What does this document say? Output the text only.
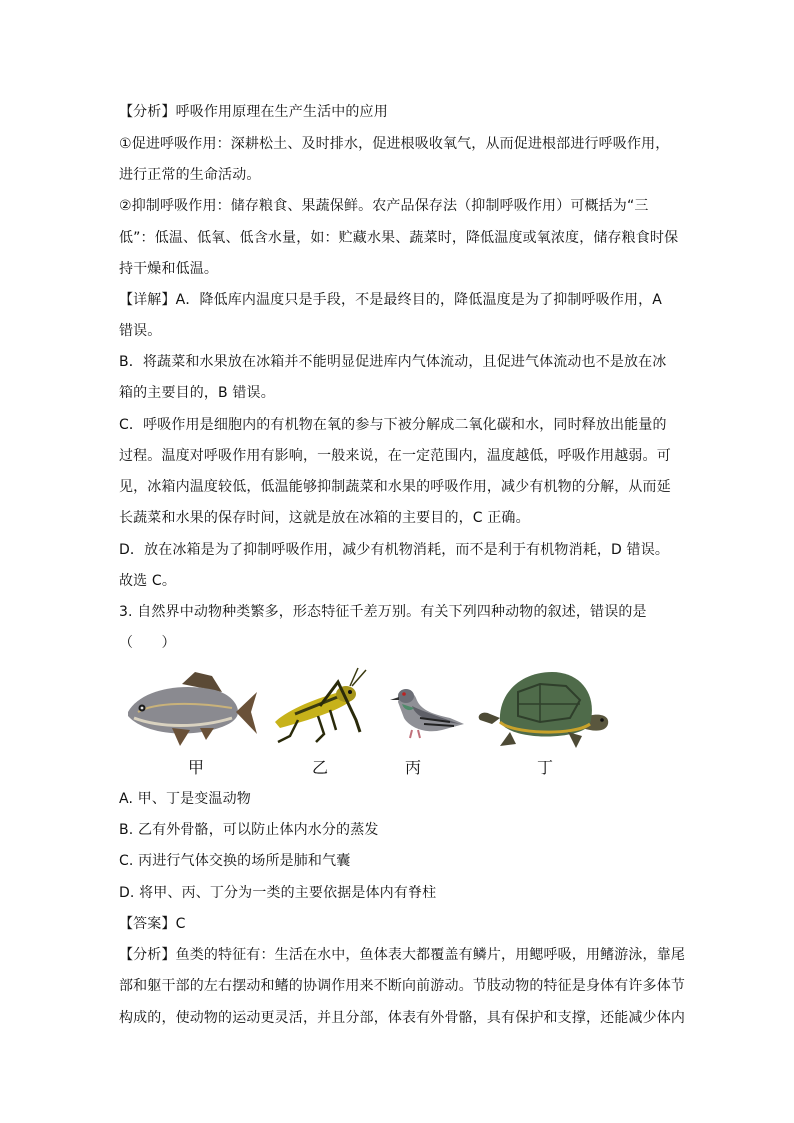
【分析】呼吸作用原理在生产生活中的应用
①促进呼吸作用：深耕松土、及时排水，促进根吸收氧气，从而促进根部进行呼吸作用，
进行正常的生命活动。
②抑制呼吸作用：储存粮食、果蔬保鲜。农产品保存法（抑制呼吸作用）可概括为“三
低”：低温、低氧、低含水量，如：贮藏水果、蔬菜时，降低温度或氧浓度，储存粮食时保
持干燥和低温。
【详解】A．降低库内温度只是手段，不是最终目的，降低温度是为了抑制呼吸作用，A
错误。
B．将蔬菜和水果放在冰箱并不能明显促进库内气体流动，且促进气体流动也不是放在冰
箱的主要目的，B 错误。
C．呼吸作用是细胞内的有机物在氧的参与下被分解成二氧化碳和水，同时释放出能量的
过程。温度对呼吸作用有影响，一般来说，在一定范围内，温度越低，呼吸作用越弱。可
见，冰箱内温度较低，低温能够抑制蔬菜和水果的呼吸作用，减少有机物的分解，从而延
长蔬菜和水果的保存时间，这就是放在冰箱的主要目的，C 正确。
D．放在冰箱是为了抑制呼吸作用，减少有机物消耗，而不是利于有机物消耗，D 错误。
故选 C。
3. 自然界中动物种类繁多，形态特征千差万别。有关下列四种动物的叙述，错误的是
（　　）
甲	乙	丙	丁
A. 甲、丁是变温动物
B. 乙有外骨骼，可以防止体内水分的蒸发
C. 丙进行气体交换的场所是肺和气囊
D. 将甲、丙、丁分为一类的主要依据是体内有脊柱
【答案】C
【分析】鱼类的特征有：生活在水中，鱼体表大都覆盖有鳞片，用鳃呼吸，用鳍游泳，靠尾
部和躯干部的左右摆动和鳍的协调作用来不断向前游动。节肢动物的特征是身体有许多体节
构成的，使动物的运动更灵活，并且分部，体表有外骨骼，具有保护和支撑，还能减少体内
